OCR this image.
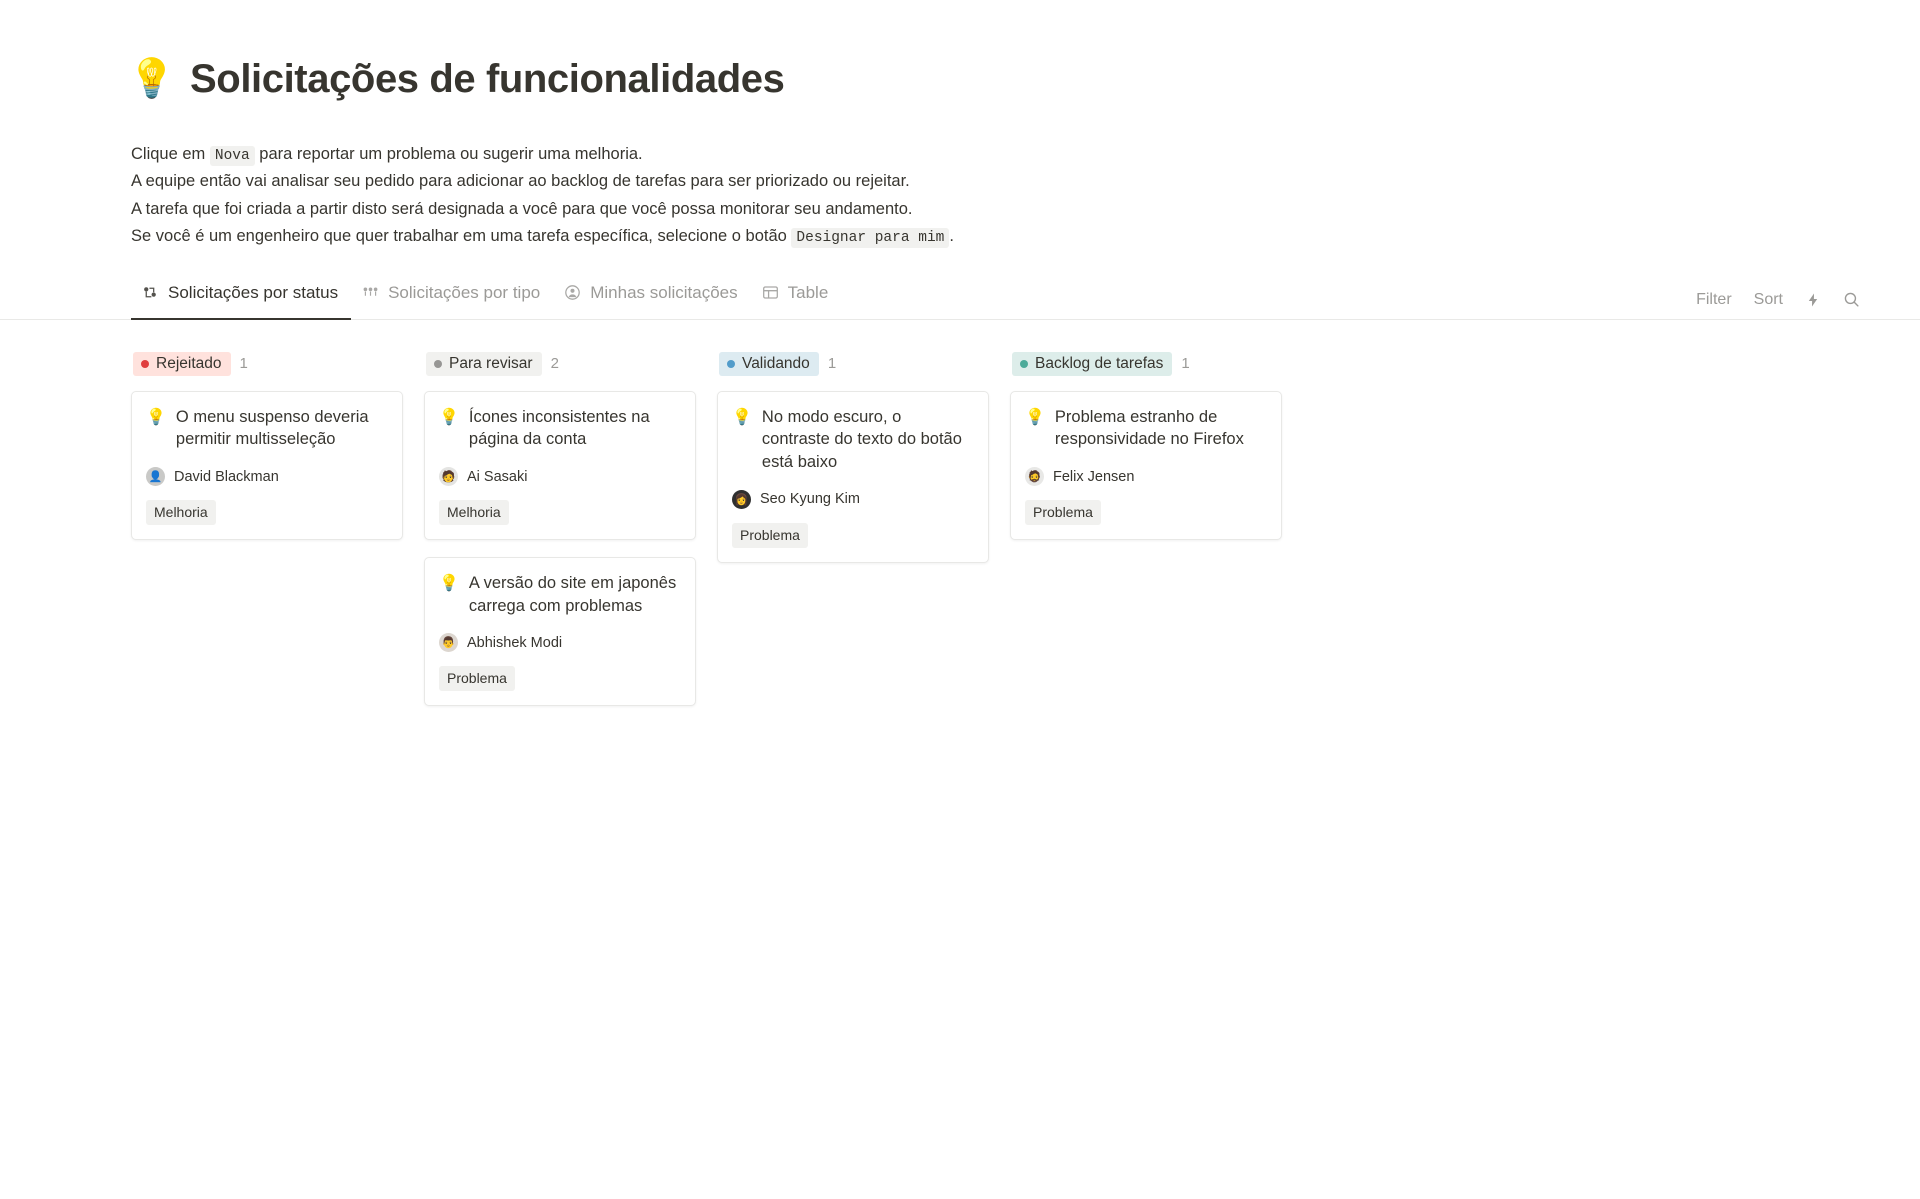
💡 Solicitações de funcionalidades

Clique em Nova para reportar um problema ou sugerir uma melhoria.

A equipe então vai analisar seu pedido para adicionar ao backlog de tarefas para ser priorizado ou rejeitar.

A tarefa que foi criada a partir disto será designada a você para que você possa monitorar seu andamento.

Se você é um engenheiro que quer trabalhar em uma tarefa específica, selecione o botão Designar para mim .

Solicitações por status	Solicitações por tipo	Minhas solicitações	Table	Filter Sort
Rejeitado 1
💡 O menu suspenso deveria permitir multisseleção
👤 David Blackman
Melhoria
Para revisar 2
💡 Ícones inconsistentes na página da conta
🧑 Ai Sasaki
Melhoria
💡 A versão do site em japonês carrega com problemas
👨 Abhishek Modi
Problema
Validando 1
💡 No modo escuro, o contraste do texto do botão está baixo
👩 Seo Kyung Kim
Problema
Backlog de tarefas 1
💡 Problema estranho de responsividade no Firefox
🧔 Felix Jensen
Problema
